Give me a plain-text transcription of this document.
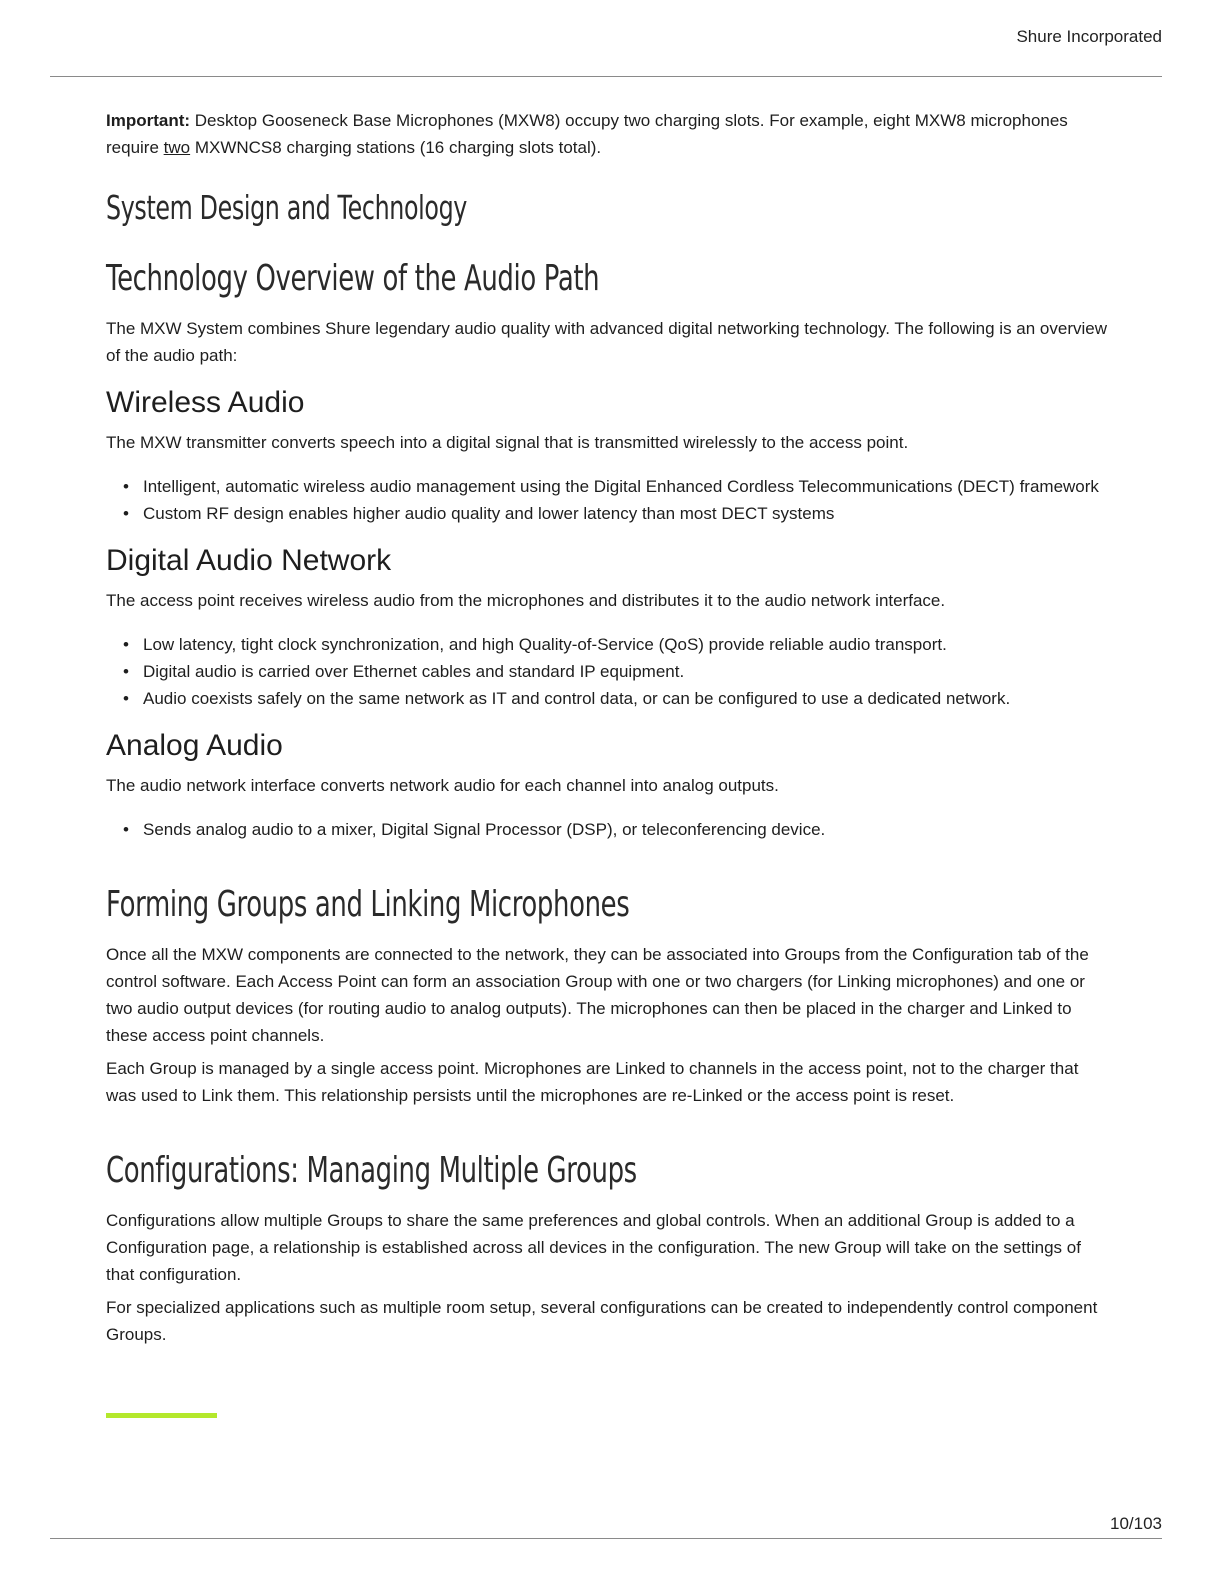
Shure Incorporated

Important: Desktop Gooseneck Base Microphones (MXW8) occupy two charging slots. For example, eight MXW8 microphones require two MXWNCS8 charging stations (16 charging slots total).

System Design and Technology
Technology Overview of the Audio Path

The MXW System combines Shure legendary audio quality with advanced digital networking technology. The following is an overview of the audio path:

Wireless Audio

The MXW transmitter converts speech into a digital signal that is transmitted wirelessly to the access point.

• Intelligent, automatic wireless audio management using the Digital Enhanced Cordless Telecommunications (DECT) framework
• Custom RF design enables higher audio quality and lower latency than most DECT systems
Digital Audio Network

The access point receives wireless audio from the microphones and distributes it to the audio network interface.

• Low latency, tight clock synchronization, and high Quality-of-Service (QoS) provide reliable audio transport.
• Digital audio is carried over Ethernet cables and standard IP equipment.
• Audio coexists safely on the same network as IT and control data, or can be configured to use a dedicated network.
Analog Audio

The audio network interface converts network audio for each channel into analog outputs.

• Sends analog audio to a mixer, Digital Signal Processor (DSP), or teleconferencing device.
Forming Groups and Linking Microphones

Once all the MXW components are connected to the network, they can be associated into Groups from the Configuration tab of the control software. Each Access Point can form an association Group with one or two chargers (for Linking microphones) and one or two audio output devices (for routing audio to analog outputs). The microphones can then be placed in the charger and Linked to these access point channels.

Each Group is managed by a single access point. Microphones are Linked to channels in the access point, not to the charger that was used to Link them. This relationship persists until the microphones are re-Linked or the access point is reset.

Configurations: Managing Multiple Groups

Configurations allow multiple Groups to share the same preferences and global controls. When an additional Group is added to a Configuration page, a relationship is established across all devices in the configuration. The new Group will take on the settings of that configuration.

For specialized applications such as multiple room setup, several configurations can be created to independently control component Groups.

10/103
